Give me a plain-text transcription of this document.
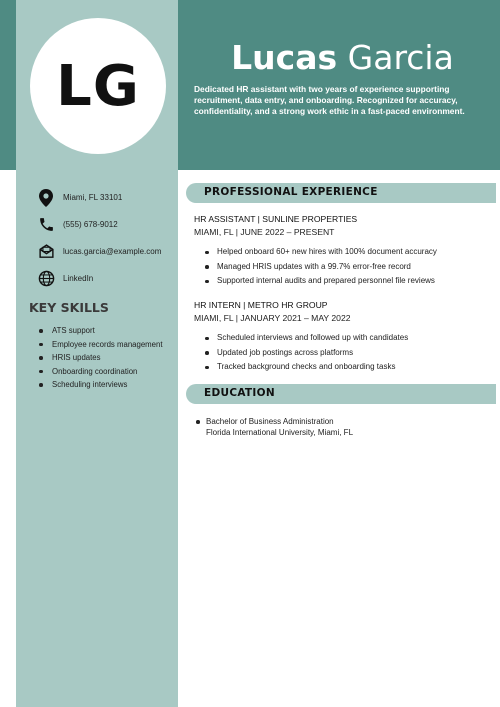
LG	Lucas Garcia
Dedicated HR assistant with two years of experience supporting recruitment, data entry, and onboarding. Recognized for accuracy, confidentiality, and a strong work ethic in a fast-paced environment.
Miami, FL 33101
(555) 678-9012
lucas.garcia@example.com
LinkedIn
KEY SKILLS
ATS support
Employee records management
HRIS updates
Onboarding coordination
Scheduling interviews
PROFESSIONAL EXPERIENCE
HR ASSISTANT | SUNLINE PROPERTIES
MIAMI, FL | JUNE 2022 – PRESENT
Helped onboard 60+ new hires with 100% document accuracy
Managed HRIS updates with a 99.7% error-free record
Supported internal audits and prepared personnel file reviews
HR INTERN | METRO HR GROUP
MIAMI, FL | JANUARY 2021 – MAY 2022
Scheduled interviews and followed up with candidates
Updated job postings across platforms
Tracked background checks and onboarding tasks
EDUCATION
Bachelor of Business Administration
Florida International University, Miami, FL
